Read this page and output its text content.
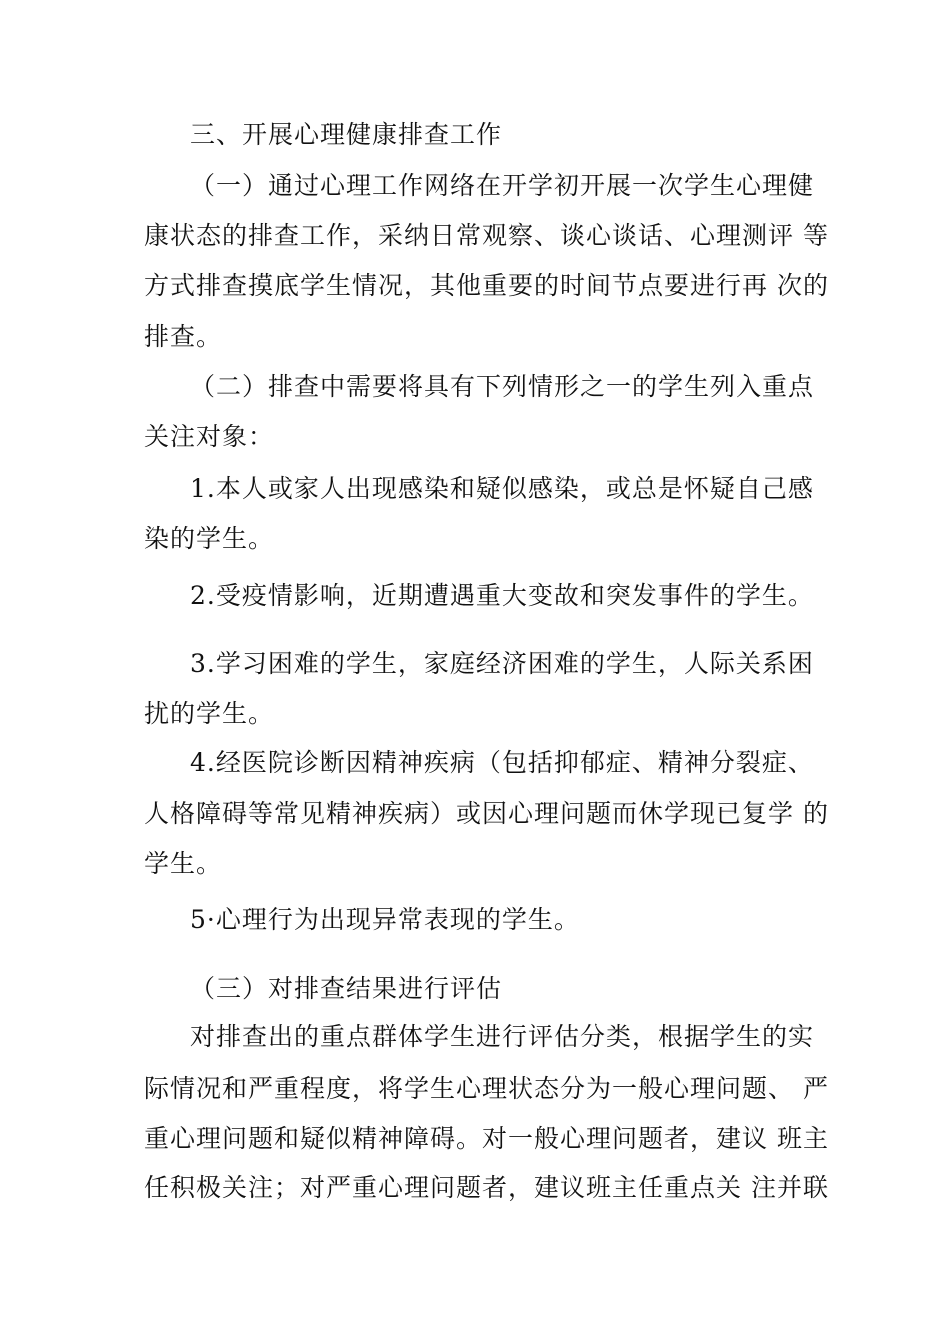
三、开展心理健康排查工作
（一）通过心理工作网络在开学初开展一次学生心理健
康状态的排查工作，采纳日常观察、谈心谈话、心理测评 等
方式排查摸底学生情况，其他重要的时间节点要进行再 次的
排查。
（二）排查中需要将具有下列情形之一的学生列入重点
关注对象：
1.本人或家人出现感染和疑似感染，或总是怀疑自己感
染的学生。
2.受疫情影响，近期遭遇重大变故和突发事件的学生。
3.学习困难的学生，家庭经济困难的学生，人际关系困
扰的学生。
4.经医院诊断因精神疾病（包括抑郁症、精神分裂症、
人格障碍等常见精神疾病）或因心理问题而休学现已复学 的
学生。
5·心理行为出现异常表现的学生。
（三）对排查结果进行评估
对排查出的重点群体学生进行评估分类，根据学生的实
际情况和严重程度，将学生心理状态分为一般心理问题、 严
重心理问题和疑似精神障碍。对一般心理问题者，建议 班主
任积极关注；对严重心理问题者，建议班主任重点关 注并联
